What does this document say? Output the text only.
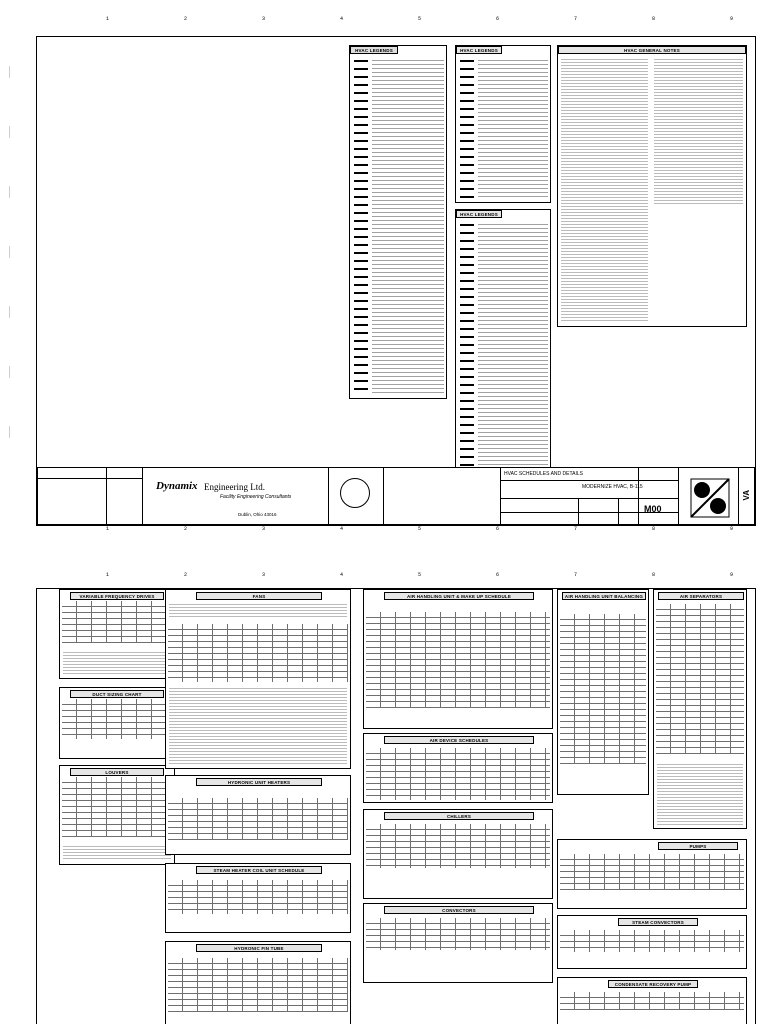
1	2	3	4	5	6	7	8	9
———
———
———
———
———
———
———
HVAC LEGENDS	HVAC LEGENDS
HVAC LEGENDS
HVAC GENERAL NOTES
Dynamix Engineering Ltd.
Facility Engineering Consultants
Dublin, Ohio 43016
HVAC SCHEDULES AND DETAILS
MODERNIZE HVAC, B-115
M00
VA
1	2	3	4	5	6	7	8	9
1	2	3	4	5	6	7	8	9
VARIABLE FREQUENCY DRIVES
DUCT SIZING CHART
LOUVERS
FANS
HYDRONIC UNIT HEATERS
STEAM HEATER COIL UNIT SCHEDULE
HYDRONIC FIN TUBE
AIR HANDLING UNIT & MAKE UP SCHEDULE
AIR DEVICE SCHEDULES
CHILLERS
CONVECTORS
AIR HANDLING UNIT BALANCING
PUMPS
STEAM CONVECTORS
CONDENSATE RECOVERY PUMP
AIR SEPARATORS
